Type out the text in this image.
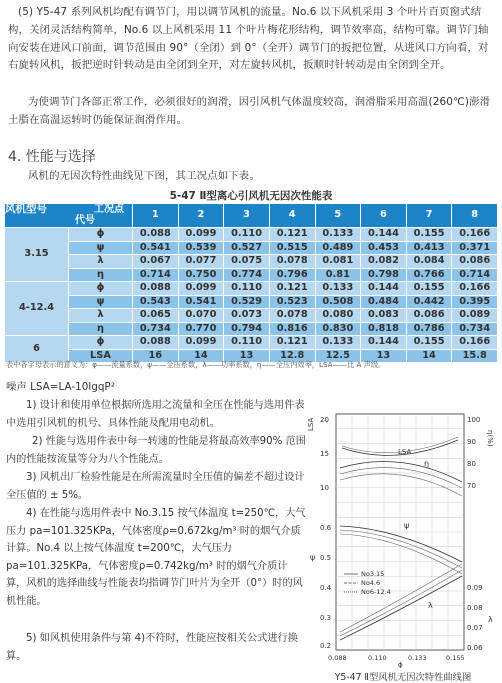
(5) Y5-47 系列风机均配有调节门，用以调节风机的流量。No.6 以下风机采用 3 个叶片百页窗式结构，关闭灵活结构简单，No.6 以上风机采用 11 个叶片梅花形结构，调节效率高，结构可靠。调节门轴向安装在进风口前面，调节范围由 90°（全闭）到 0°（全开）调节门的扳把位置，从进风口方向看，对右旋转风机，扳把逆时针转动是由全闭到全开，对左旋转风机，扳顺时针转动是由全闭到全开。
为使调节门各部正常工作，必须很好的润滑，因引风机气体温度较高，润滑脂采用高温(260℃)澎滑土脂在高温运转时仍能保证润滑作用。
4. 性能与选择
风机的无因次特性曲线见下图，其工况点如下表。
5-47 Ⅱ型离心引风机无因次性能表
工况点
风机型号
代号		1	2	3	4	5	6	7	8
3.15	ϕ	0.088	0.099	0.110	0.121	0.133	0.144	0.155	0.166
	ψ	0.541	0.539	0.527	0.515	0.489	0.453	0.413	0.371
	λ	0.067	0.077	0.075	0.078	0.081	0.082	0.084	0.086
	η	0.714	0.750	0.774	0.796	0.81	0.798	0.766	0.714
4-12.4	ϕ	0.088	0.099	0.110	0.121	0.133	0.144	0.155	0.166
	ψ	0.543	0.541	0.529	0.523	0.508	0.484	0.442	0.395
	λ	0.065	0.070	0.073	0.078	0.080	0.083	0.086	0.089
	η	0.734	0.770	0.794	0.816	0.830	0.818	0.786	0.734
6	ϕ	0.088	0.099	0.110	0.121	0.133	0.144	0.155	0.166
	LSA	16	14	13	12.8	12.5	13	14	15.8
表中各字母表示的意义为：φ——流量系数，ψ——全压系数，λ——功率系数，η——全压内效率，LSA——比 A 声级。
噪声 LSA=LA-10lgqP²
1) 设计和使用单位根据所选用之流量和全压在性能与选用件表中选用引风机的机号、具体性能及配用电动机。
2) 性能与选用件表中每一转速的性能是将最高效率90% 范围内的性能按流量等分为八个性能点。
3) 风机出厂检验性能是在所需流量时全压值的偏差不超过设计全压值的 ± 5%。
4) 在性能与选用件表中 No.3.15 按气体温度 t=250℃，大气压力 pa=101.325KPa，气体密度ρ=0.672kg/m³ 时的烟气介质计算。No.4 以上按气体温度 t=200℃，大气压力 pa=101.325KPa，气体密度ρ=0.742kg/m³ 时的烟气介质计算，风机的选择曲线与性能表均指调节门叶片为全开（0°）时的风机性能。
5) 如风机使用条件与第 4)不符时，性能应按相关公式进行换算。
LSA
η
ψ
λ
No3.15
No4.6
No6-12.4
LSA 20
15
10
ψ
0.6
0.5
0.4
0.3
0.2
100
90
80
70
η(%)
0.09
0.08
0.07
0.06
λ
0.088	0.110	0.133	0.155
ϕ
Y5-47 Ⅱ型风机无因次特性曲线图
